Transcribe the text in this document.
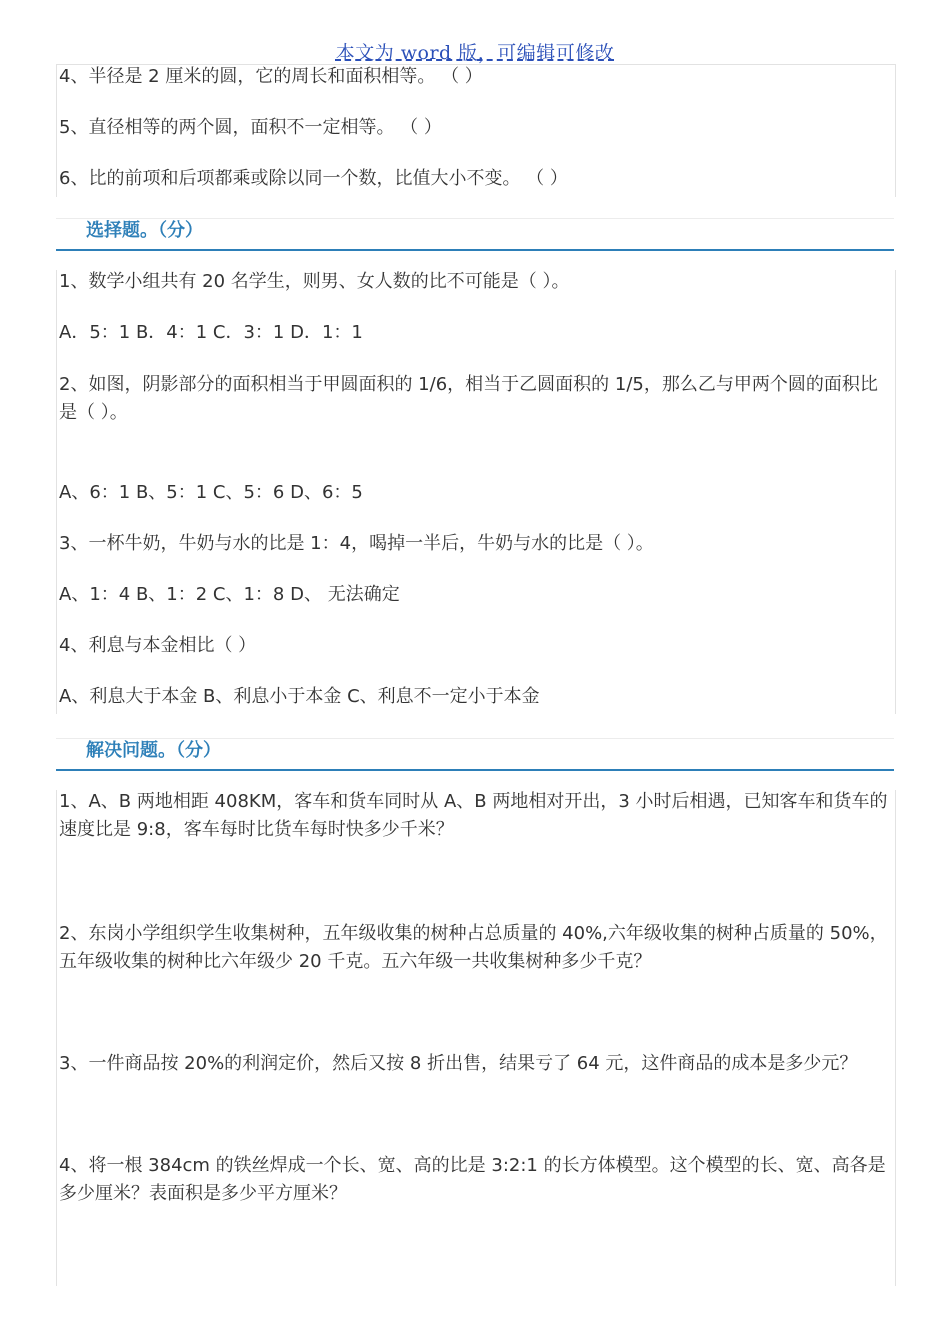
本文为 word 版，可编辑可修改
4、半径是 2 厘米的圆，它的周长和面积相等。 （ ）
5、直径相等的两个圆，面积不一定相等。 （ ）
6、比的前项和后项都乘或除以同一个数，比值大小不变。 （ ）
选择题。（分）
1、数学小组共有 20 名学生，则男、女人数的比不可能是（ ）。
A．5：1 B．4：1 C．3：1 D．1：1
2、如图，阴影部分的面积相当于甲圆面积的 1/6，相当于乙圆面积的 1/5，那么乙与甲两个圆的面积比是（ ）。
A、6：1 B、5：1 C、5：6 D、6：5
3、一杯牛奶，牛奶与水的比是 1：4，喝掉一半后，牛奶与水的比是（ ）。
A、1：4 B、1：2 C、1：8 D、 无法确定
4、利息与本金相比（ ）
A、利息大于本金 B、利息小于本金 C、利息不一定小于本金
解决问题。（分）
1、A、B 两地相距 408KM，客车和货车同时从 A、B 两地相对开出，3 小时后相遇，已知客车和货车的速度比是 9:8，客车每时比货车每时快多少千米？
2、东岗小学组织学生收集树种，五年级收集的树种占总质量的 40%,六年级收集的树种占质量的 50%，五年级收集的树种比六年级少 20 千克。五六年级一共收集树种多少千克？
3、一件商品按 20%的利润定价，然后又按 8 折出售，结果亏了 64 元，这件商品的成本是多少元？
4、将一根 384cm 的铁丝焊成一个长、宽、高的比是 3:2:1 的长方体模型。这个模型的长、宽、高各是多少厘米？表面积是多少平方厘米？
